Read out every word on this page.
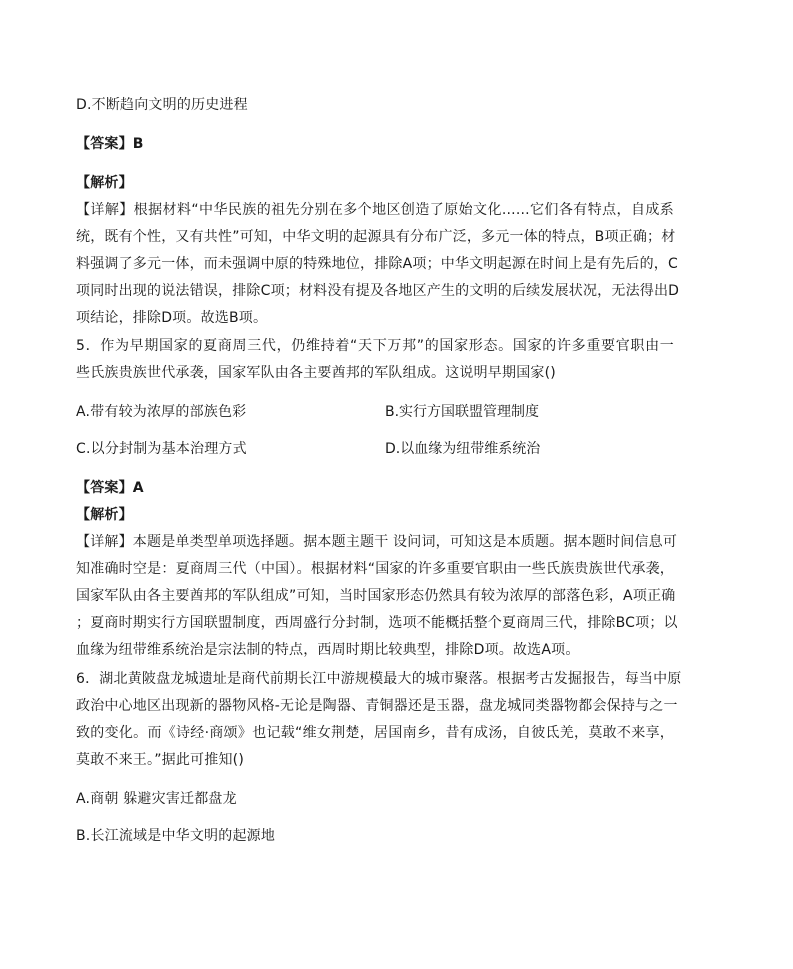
D.不断趋向文明的历史进程
【答案】B
【解析】
【详解】根据材料“中华民族的祖先分别在多个地区创造了原始文化......它们各有特点，自成系
统，既有个性，又有共性”可知，中华文明的起源具有分布广泛，多元一体的特点，B项正确；材
料强调了多元一体，而未强调中原的特殊地位，排除A项；中华文明起源在时间上是有先后的，C
项同时出现的说法错误，排除C项；材料没有提及各地区产生的文明的后续发展状况，无法得出D
项结论，排除D项。故选B项。
5．作为早期国家的夏商周三代，仍维持着“天下万邦”的国家形态。国家的许多重要官职由一
些氏族贵族世代承袭，国家军队由各主要酋邦的军队组成。这说明早期国家()
A.带有较为浓厚的部族色彩	B.实行方国联盟管理制度
C.以分封制为基本治理方式	D.以血缘为纽带维系统治
【答案】A
【解析】
【详解】本题是单类型单项选择题。据本题主题干 设问词，可知这是本质题。据本题时间信息可
知准确时空是：夏商周三代（中国）。根据材料“国家的许多重要官职由一些氏族贵族世代承袭，
国家军队由各主要酋邦的军队组成”可知，当时国家形态仍然具有较为浓厚的部落色彩，A项正确
；夏商时期实行方国联盟制度，西周盛行分封制，选项不能概括整个夏商周三代，排除BC项；以
血缘为纽带维系统治是宗法制的特点，西周时期比较典型，排除D项。故选A项。
6．湖北黄陂盘龙城遗址是商代前期长江中游规模最大的城市聚落。根据考古发掘报告，每当中原
政治中心地区出现新的器物风格-无论是陶器、青铜器还是玉器，盘龙城同类器物都会保持与之一
致的变化。而《诗经·商颂》也记载“维女荆楚，居国南乡，昔有成汤，自彼氐羌，莫敢不来享，
莫敢不来王。”据此可推知()
A.商朝 躲避灾害迁都盘龙
B.长江流域是中华文明的起源地
